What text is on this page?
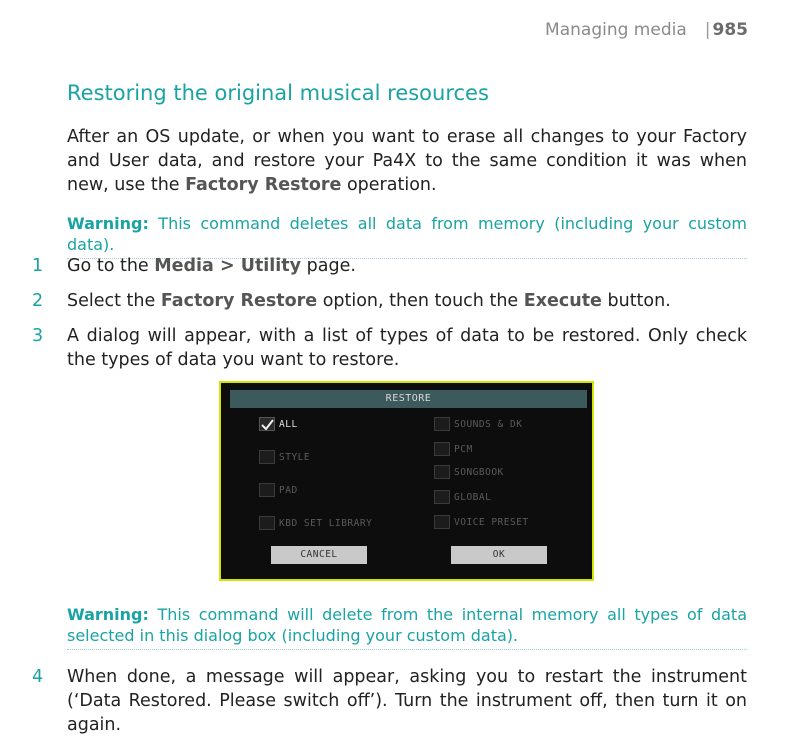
Managing media | 985
Restoring the original musical resources
After an OS update, or when you want to erase all changes to your Factory and User data, and restore your Pa4X to the same condition it was when new, use the Factory Restore operation.
Warning: This command deletes all data from memory (including your custom data).
1 Go to the Media > Utility page.
2 Select the Factory Restore option, then touch the Execute button.
3 A dialog will appear, with a list of types of data to be restored. Only check the types of data you want to restore.
RESTORE
ALL
STYLE
PAD
KBD SET LIBRARY
SOUNDS & DK
PCM
SONGBOOK
GLOBAL
VOICE PRESET
CANCEL	OK
Warning: This command will delete from the internal memory all types of data selected in this dialog box (including your custom data).
4 When done, a message will appear, asking you to restart the instrument (‘Data Restored. Please switch off’). Turn the instrument off, then turn it on again.
